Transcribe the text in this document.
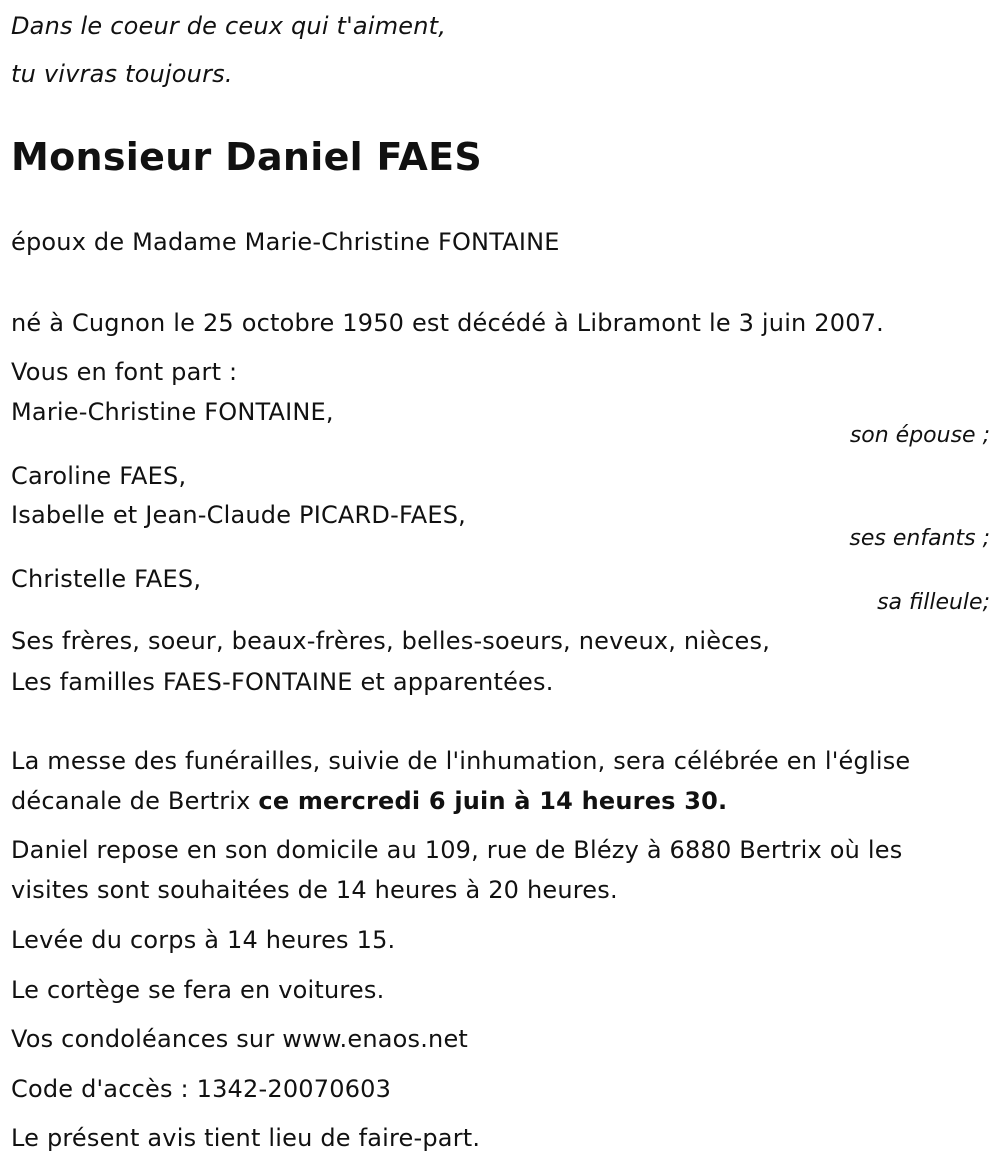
Dans le coeur de ceux qui t'aiment,
tu vivras toujours.
Monsieur Daniel FAES
époux de Madame Marie-Christine FONTAINE
né à Cugnon le 25 octobre 1950 est décédé à Libramont le 3 juin 2007.
Vous en font part :
Marie-Christine FONTAINE,
son épouse ;
Caroline FAES,
Isabelle et Jean-Claude PICARD-FAES,
ses enfants ;
Christelle FAES,
sa filleule;
Ses frères, soeur, beaux-frères, belles-soeurs, neveux, nièces,
Les familles FAES-FONTAINE et apparentées.
La messe des funérailles, suivie de l'inhumation, sera célébrée en l'église
décanale de Bertrix ce mercredi 6 juin à 14 heures 30.
Daniel repose en son domicile au 109, rue de Blézy à 6880 Bertrix où les
visites sont souhaitées de 14 heures à 20 heures.
Levée du corps à 14 heures 15.
Le cortège se fera en voitures.
Vos condoléances sur www.enaos.net
Code d'accès : 1342-20070603
Le présent avis tient lieu de faire-part.
